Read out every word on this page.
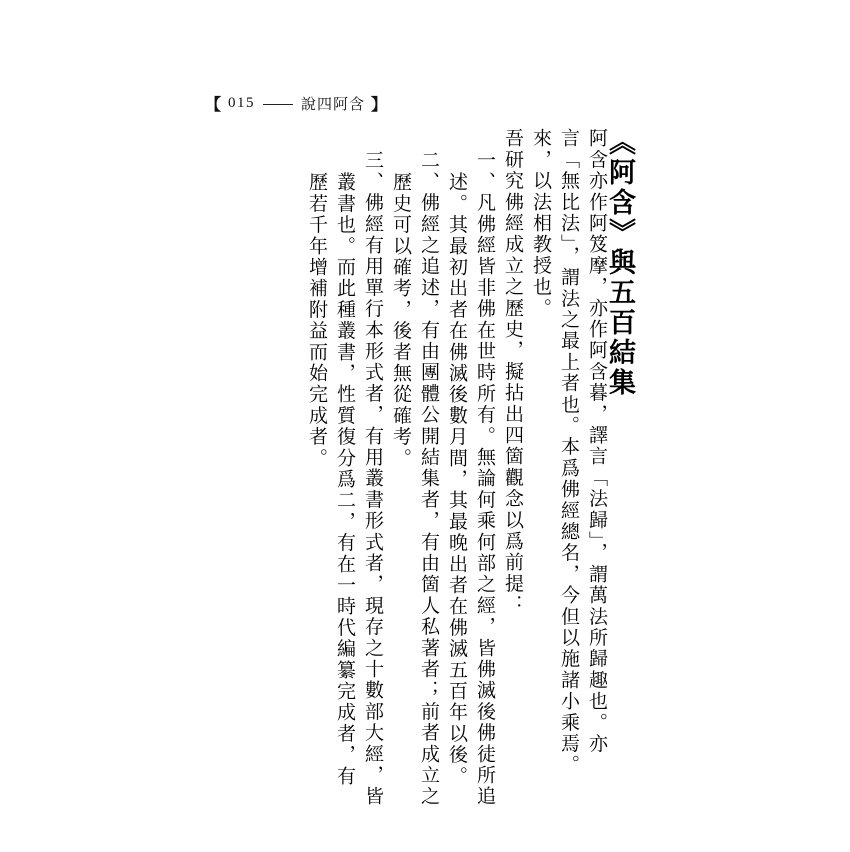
【 015	說四阿含 】
《阿含》與五百結集
阿含亦作阿笈摩，亦作阿含暮，譯言「法歸」，謂萬法所歸趣也。亦
言「無比法」，謂法之最上者也。本爲佛經總名，今但以施諸小乘焉。
來，以法相教授也。
吾研究佛經成立之歷史，擬拈出四箇觀念以爲前提：
一、凡佛經皆非佛在世時所有。無論何乘何部之經，皆佛滅後佛徒所追
述。其最初出者在佛滅後數月間，其最晚出者在佛滅五百年以後。
二、佛經之追述，有由團體公開結集者，有由箇人私著者；前者成立之
歷史可以確考，後者無從確考。
三、佛經有用單行本形式者，有用叢書形式者，現存之十數部大經，皆
叢書也。而此種叢書，性質復分爲二，有在一時代編纂完成者，有
歷若千年增補附益而始完成者。
